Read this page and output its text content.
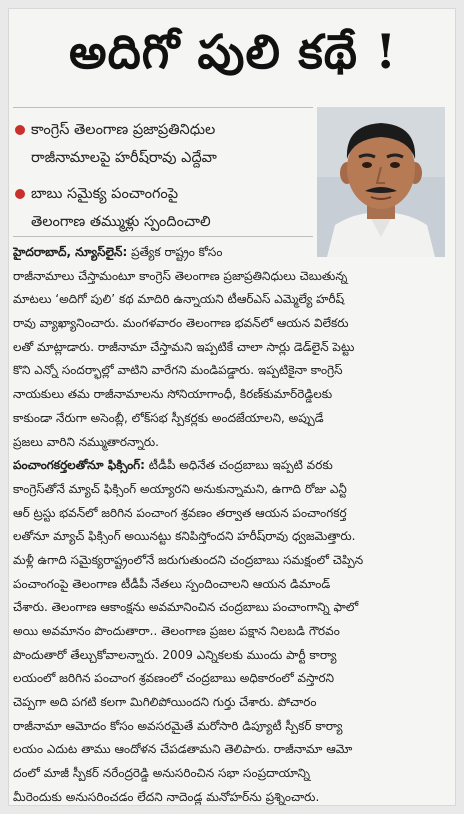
అదిగో పులి కథే !
కాంగ్రెస్ తెలంగాణ ప్రజాప్రతినిధుల
రాజీనామాలపై హరీష్‌రావు ఎద్దేవా
బాబు సమైక్య పంచాంగంపై
తెలంగాణ తమ్ముళ్లు స్పందించాలి
హైదరాబాద్, న్యూస్‌లైన్: ప్రత్యేక రాష్ట్రం కోసం
రాజీనామాలు చేస్తామంటూ కాంగ్రెస్ తెలంగాణ ప్రజాప్రతినిధులు చెబుతున్న
మాటలు ‘అదిగో పులి’ కథ మాదిరి ఉన్నాయని టీఆర్‌ఎస్ ఎమ్మెల్యే హరీష్
రావు వ్యాఖ్యానించారు. మంగళవారం తెలంగాణ భవన్‌లో ఆయన విలేకరు
లతో మాట్లాడారు. రాజీనామా చేస్తామని ఇప్పటికే చాలా సార్లు డెడ్‌లైన్ పెట్టు
కొని ఎన్నో సందర్భాల్లో వాటిని వారేగని మండిపడ్డారు. ఇప్పటికైనా కాంగ్రెస్
నాయకులు తమ రాజీనామాలను సోనియాగాంధీ, కిరణ్‌కుమార్‌రెడ్డిలకు
కాకుండా నేరుగా అసెంబ్లీ, లోక్‌సభ స్పీకర్లకు అందజేయాలని, అప్పుడే
ప్రజలు వారిని నమ్ముతారన్నారు.
పంచాంగకర్తలతోనూ ఫిక్సింగ్: టీడీపీ అధినేత చంద్రబాబు ఇప్పటి వరకు
కాంగ్రెస్‌తోనే మ్యాచ్ ఫిక్సింగ్ అయ్యారని అనుకున్నామని, ఉగాది రోజు ఎన్టీ
ఆర్ ట్రస్టు భవన్‌లో జరిగిన పంచాంగ శ్రవణం తర్వాత ఆయన పంచాంగకర్త
లతోనూ మ్యాచ్ ఫిక్సింగ్ అయినట్టు కనిపిస్తోందని హరీష్‌రావు ధ్వజమెత్తారు.
మళ్లీ ఉగాది సమైక్యరాష్ట్రంలోనే జరుగుతుందని చంద్రబాబు సమక్షంలో చెప్పిన
పంచాంగంపై తెలంగాణ టీడీపీ నేతలు స్పందించాలని ఆయన డిమాండ్
చేశారు. తెలంగాణ ఆకాంక్షను అవమానించిన చంద్రబాబు పంచాంగాన్ని ఫాలో
అయి అవమానం పొందుతారా.. తెలంగాణ ప్రజల పక్షాన నిలబడి గౌరవం
పొందుతారో తేల్చుకోవాలన్నారు. 2009 ఎన్నికలకు ముందు పార్టీ కార్యా
లయంలో జరిగిన పంచాంగ శ్రవణంలో చంద్రబాబు అధికారంలో వస్తారని
చెప్పగా అది పగటి కలగా మిగిలిపోయిందని గుర్తు చేశారు. పోచారం
రాజీనామా ఆమోదం కోసం అవసరమైతే మరోసారి డిప్యూటీ స్పీకర్ కార్యా
లయం ఎదుట తాము ఆందోళన చేపడతామని తెలిపారు. రాజీనామా ఆమో
దంలో మాజీ స్పీకర్ నరేంద్రరెడ్డి అనుసరించిన సభా సంప్రదాయాన్ని
మీరెందుకు అనుసరించడం లేదని నాదెండ్ల మనోహర్‌ను ప్రశ్నించారు.
